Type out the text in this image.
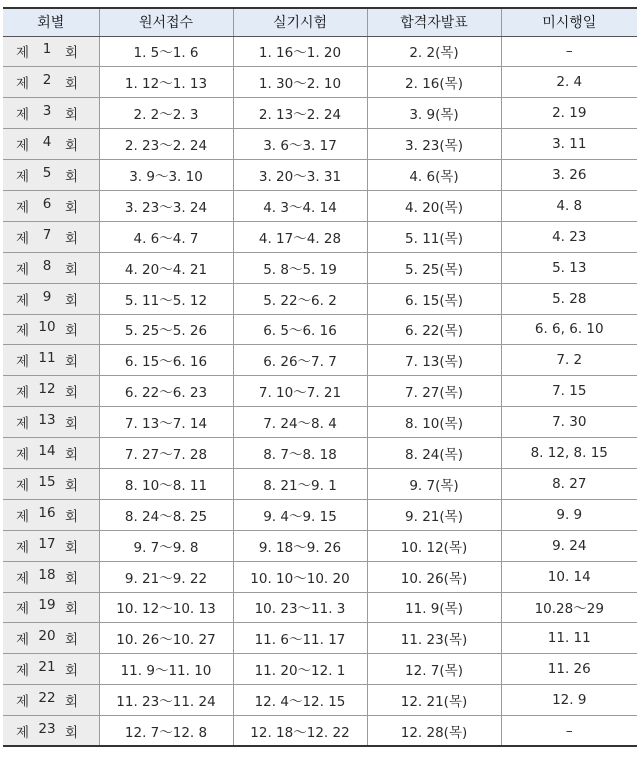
회별	원서접수	실기시험	합격자발표	미시행일

제 1 회	1. 5～1. 6	1. 16～1. 20	2. 2(목)	–

제 2 회	1. 12～1. 13	1. 30～2. 10	2. 16(목)	2. 4

제 3 회	2. 2～2. 3	2. 13～2. 24	3. 9(목)	2. 19

제 4 회	2. 23～2. 24	3. 6～3. 17	3. 23(목)	3. 11

제 5 회	3. 9～3. 10	3. 20～3. 31	4. 6(목)	3. 26

제 6 회	3. 23～3. 24	4. 3～4. 14	4. 20(목)	4. 8

제 7 회	4. 6～4. 7	4. 17～4. 28	5. 11(목)	4. 23

제 8 회	4. 20～4. 21	5. 8～5. 19	5. 25(목)	5. 13

제 9 회	5. 11～5. 12	5. 22～6. 2	6. 15(목)	5. 28

제 10 회	5. 25～5. 26	6. 5～6. 16	6. 22(목)	6. 6, 6. 10

제 11 회	6. 15～6. 16	6. 26～7. 7	7. 13(목)	7. 2

제 12 회	6. 22～6. 23	7. 10～7. 21	7. 27(목)	7. 15

제 13 회	7. 13～7. 14	7. 24～8. 4	8. 10(목)	7. 30

제 14 회	7. 27～7. 28	8. 7～8. 18	8. 24(목)	8. 12, 8. 15

제 15 회	8. 10～8. 11	8. 21～9. 1	9. 7(목)	8. 27

제 16 회	8. 24～8. 25	9. 4～9. 15	9. 21(목)	9. 9

제 17 회	9. 7～9. 8	9. 18～9. 26	10. 12(목)	9. 24

제 18 회	9. 21～9. 22	10. 10～10. 20	10. 26(목)	10. 14

제 19 회	10. 12～10. 13	10. 23～11. 3	11. 9(목)	10.28～29

제 20 회	10. 26～10. 27	11. 6～11. 17	11. 23(목)	11. 11

제 21 회	11. 9～11. 10	11. 20～12. 1	12. 7(목)	11. 26

제 22 회	11. 23～11. 24	12. 4～12. 15	12. 21(목)	12. 9

제 23 회	12. 7～12. 8	12. 18～12. 22	12. 28(목)	–
